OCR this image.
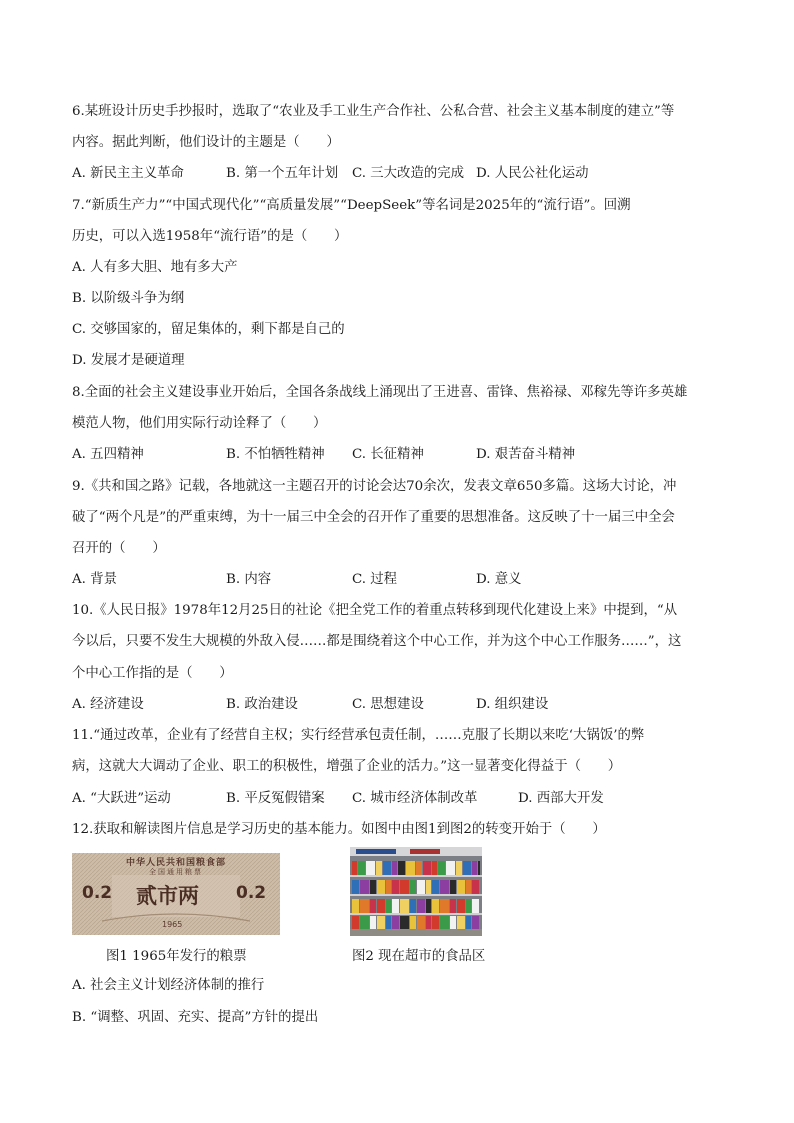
6.某班设计历史手抄报时，选取了“农业及手工业生产合作社、公私合营、社会主义基本制度的建立”等
内容。据此判断，他们设计的主题是（　　）
A. 新民主主义革命	B. 第一个五年计划 C. 三大改造的完成 D. 人民公社化运动
7.“新质生产力”“中国式现代化”“高质量发展”“DeepSeek”等名词是2025年的“流行语”。回溯
历史，可以入选1958年“流行语”的是（　　）
A. 人有多大胆、地有多大产
B. 以阶级斗争为纲
C. 交够国家的，留足集体的，剩下都是自己的
D. 发展才是硬道理
8.全面的社会主义建设事业开始后，全国各条战线上涌现出了王进喜、雷锋、焦裕禄、邓稼先等许多英雄
模范人物，他们用实际行动诠释了（　　）
A. 五四精神	B. 不怕牺牲精神 C. 长征精神	D. 艰苦奋斗精神
9.《共和国之路》记载，各地就这一主题召开的讨论会达70余次，发表文章650多篇。这场大讨论，冲
破了“两个凡是”的严重束缚，为十一届三中全会的召开作了重要的思想准备。这反映了十一届三中全会
召开的（　　）
A. 背景	B. 内容	C. 过程	D. 意义
10.《人民日报》1978年12月25日的社论《把全党工作的着重点转移到现代化建设上来》中提到，“从
今以后，只要不发生大规模的外敌入侵……都是围绕着这个中心工作，并为这个中心工作服务……”，这
个中心工作指的是（　　）
A. 经济建设	B. 政治建设	C. 思想建设	D. 组织建设
11.“通过改革，企业有了经营自主权；实行经营承包责任制，……克服了长期以来吃‘大锅饭’的弊
病，这就大大调动了企业、职工的积极性，增强了企业的活力。”这一显著变化得益于（　　）
A. “大跃进”运动	B. 平反冤假错案 C. 城市经济体制改革	D. 西部大开发
12.获取和解读图片信息是学习历史的基本能力。如图中由图1到图2的转变开始于（　　）
中华人民共和国粮食部
全国通用粮票
0.2 贰市两 0.2
1965
图1 1965年发行的粮票	图2 现在超市的食品区
A. 社会主义计划经济体制的推行
B. “调整、巩固、充实、提高”方针的提出
